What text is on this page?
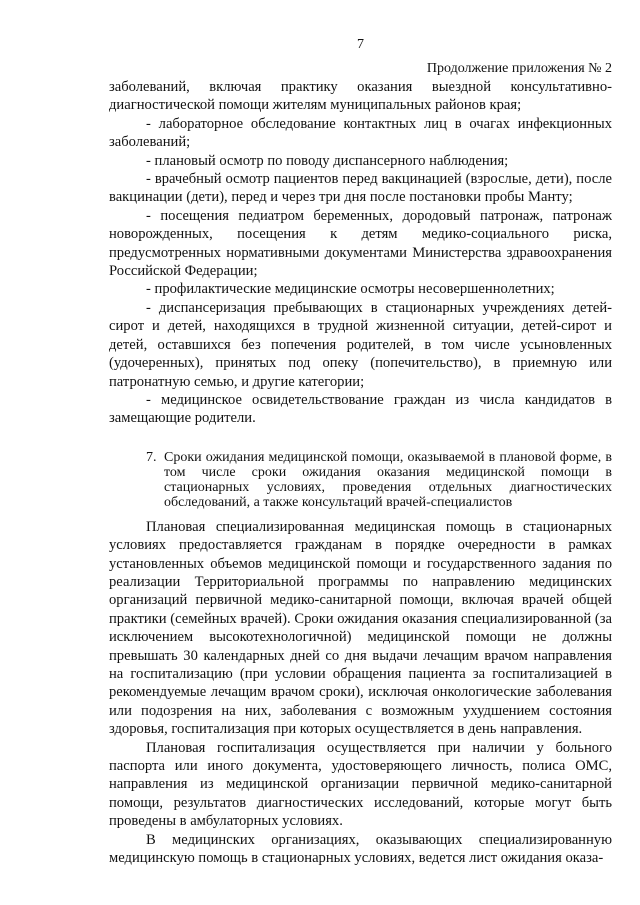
7
Продолжение приложения № 2

заболеваний, включая практику оказания выездной консультативно-диагностической помощи жителям муниципальных районов края;

- лабораторное обследование контактных лиц в очагах инфекционных заболеваний;

- плановый осмотр по поводу диспансерного наблюдения;

- врачебный осмотр пациентов перед вакцинацией (взрослые, дети), после вакцинации (дети), перед и через три дня после постановки пробы Манту;

- посещения педиатром беременных, дородовый патронаж, патронаж новорожденных, посещения к детям медико-социального риска, предусмотренных нормативными документами Министерства здравоохранения Российской Федерации;

- профилактические медицинские осмотры несовершеннолетних;

- диспансеризация пребывающих в стационарных учреждениях детей-сирот и детей, находящихся в трудной жизненной ситуации, детей-сирот и детей, оставшихся без попечения родителей, в том числе усыновленных (удочеренных), принятых под опеку (попечительство), в приемную или патронатную семью, и другие категории;

- медицинское освидетельствование граждан из числа кандидатов в замещающие родители.

7. Сроки ожидания медицинской помощи, оказываемой в плановой форме, в том числе сроки ожидания оказания медицинской помощи в стационарных условиях, проведения отдельных диагностических обследований, а также консультаций врачей-специалистов

Плановая специализированная медицинская помощь в стационарных условиях предоставляется гражданам в порядке очередности в рамках установленных объемов медицинской помощи и государственного задания по реализации Территориальной программы по направлению медицинских организаций первичной медико-санитарной помощи, включая врачей общей практики (семейных врачей). Сроки ожидания оказания специализированной (за исключением высокотехнологичной) медицинской помощи не должны превышать 30 календарных дней со дня выдачи лечащим врачом направления на госпитализацию (при условии обращения пациента за госпитализацией в рекомендуемые лечащим врачом сроки), исключая онкологические заболевания или подозрения на них, заболевания с возможным ухудшением состояния здоровья, госпитализация при которых осуществляется в день направления.

Плановая госпитализация осуществляется при наличии у больного паспорта или иного документа, удостоверяющего личность, полиса ОМС, направления из медицинской организации первичной медико-санитарной помощи, результатов диагностических исследований, которые могут быть проведены в амбулаторных условиях.

В медицинских организациях, оказывающих специализированную медицинскую помощь в стационарных условиях, ведется лист ожидания оказа-
